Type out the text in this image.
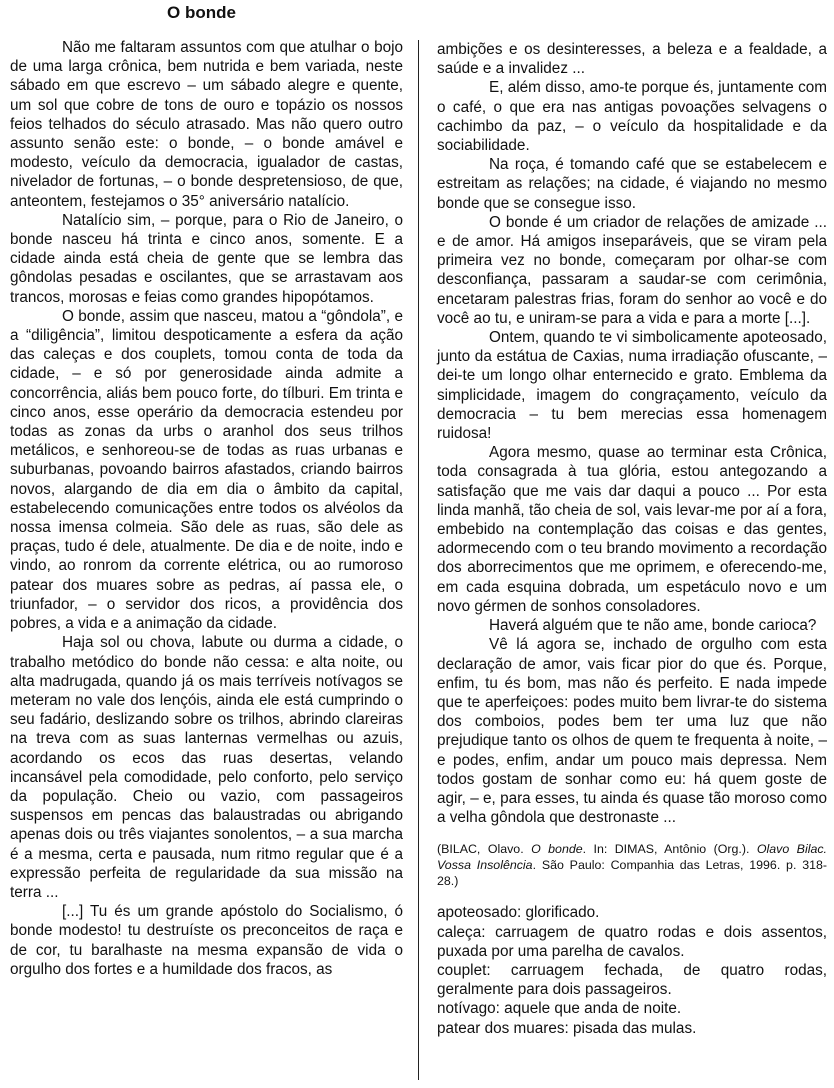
O bonde

Não me faltaram assuntos com que atulhar o bojo de uma larga crônica, bem nutrida e bem variada, neste sábado em que escrevo – um sábado alegre e quente, um sol que cobre de tons de ouro e topázio os nossos feios telhados do século atrasado. Mas não quero outro assunto senão este: o bonde, – o bonde amável e modesto, veículo da democracia, igualador de castas, nivelador de fortunas, – o bonde despretensioso, de que, anteontem, festejamos o 35° aniversário natalício.

Natalício sim, – porque, para o Rio de Janeiro, o bonde nasceu há trinta e cinco anos, somente. E a cidade ainda está cheia de gente que se lembra das gôndolas pesadas e oscilantes, que se arrastavam aos trancos, morosas e feias como grandes hipopótamos.

O bonde, assim que nasceu, matou a “gôndola”, e a “diligência”, limitou despoticamente a esfera da ação das caleças e dos couplets, tomou conta de toda da cidade, – e só por generosidade ainda admite a concorrência, aliás bem pouco forte, do tílburi. Em trinta e cinco anos, esse operário da democracia estendeu por todas as zonas da urbs o aranhol dos seus trilhos metálicos, e senhoreou-se de todas as ruas urbanas e suburbanas, povoando bairros afastados, criando bairros novos, alargando de dia em dia o âmbito da capital, estabelecendo comunicações entre todos os alvéolos da nossa imensa colmeia. São dele as ruas, são dele as praças, tudo é dele, atualmente. De dia e de noite, indo e vindo, ao ronrom da corrente elétrica, ou ao rumoroso patear dos muares sobre as pedras, aí passa ele, o triunfador, – o servidor dos ricos, a providência dos pobres, a vida e a animação da cidade.

Haja sol ou chova, labute ou durma a cidade, o trabalho metódico do bonde não cessa: e alta noite, ou alta madrugada, quando já os mais terríveis notívagos se meteram no vale dos lençóis, ainda ele está cumprindo o seu fadário, deslizando sobre os trilhos, abrindo clareiras na treva com as suas lanternas vermelhas ou azuis, acordando os ecos das ruas desertas, velando incansável pela comodidade, pelo conforto, pelo serviço da população. Cheio ou vazio, com passageiros suspensos em pencas das balaustradas ou abrigando apenas dois ou três viajantes sonolentos, – a sua marcha é a mesma, certa e pausada, num ritmo regular que é a expressão perfeita de regularidade da sua missão na terra ...

[...] Tu és um grande apóstolo do Socialismo, ó bonde modesto! tu destruíste os preconceitos de raça e de cor, tu baralhaste na mesma expansão de vida o orgulho dos fortes e a humildade dos fracos, as

ambições e os desinteresses, a beleza e a fealdade, a saúde e a invalidez ...

E, além disso, amo-te porque és, juntamente com o café, o que era nas antigas povoações selvagens o cachimbo da paz, – o veículo da hospitalidade e da sociabilidade.

Na roça, é tomando café que se estabelecem e estreitam as relações; na cidade, é viajando no mesmo bonde que se consegue isso.

O bonde é um criador de relações de amizade ... e de amor. Há amigos inseparáveis, que se viram pela primeira vez no bonde, começaram por olhar-se com desconfiança, passaram a saudar-se com cerimônia, encetaram palestras frias, foram do senhor ao você e do você ao tu, e uniram-se para a vida e para a morte [...].

Ontem, quando te vi simbolicamente apoteosado, junto da estátua de Caxias, numa irradiação ofuscante, – dei-te um longo olhar enternecido e grato. Emblema da simplicidade, imagem do congraçamento, veículo da democracia – tu bem merecias essa homenagem ruidosa!

Agora mesmo, quase ao terminar esta Crônica, toda consagrada à tua glória, estou antegozando a satisfação que me vais dar daqui a pouco ... Por esta linda manhã, tão cheia de sol, vais levar-me por aí a fora, embebido na contemplação das coisas e das gentes, adormecendo com o teu brando movimento a recordação dos aborrecimentos que me oprimem, e oferecendo-me, em cada esquina dobrada, um espetáculo novo e um novo gérmen de sonhos consoladores.

Haverá alguém que te não ame, bonde carioca?

Vê lá agora se, inchado de orgulho com esta declaração de amor, vais ficar pior do que és. Porque, enfim, tu és bom, mas não és perfeito. E nada impede que te aperfeiçoes: podes muito bem livrar-te do sistema dos comboios, podes bem ter uma luz que não prejudique tanto os olhos de quem te frequenta à noite, – e podes, enfim, andar um pouco mais depressa. Nem todos gostam de sonhar como eu: há quem goste de agir, – e, para esses, tu ainda és quase tão moroso como a velha gôndola que destronaste ...

(BILAC, Olavo. O bonde. In: DIMAS, Antônio (Org.). Olavo Bilac. Vossa Insolência. São Paulo: Companhia das Letras, 1996. p. 318-28.)
apoteosado: glorificado.
caleça: carruagem de quatro rodas e dois assentos, puxada por uma parelha de cavalos.
couplet: carruagem fechada, de quatro rodas, geralmente para dois passageiros.
notívago: aquele que anda de noite.
patear dos muares: pisada das mulas.
